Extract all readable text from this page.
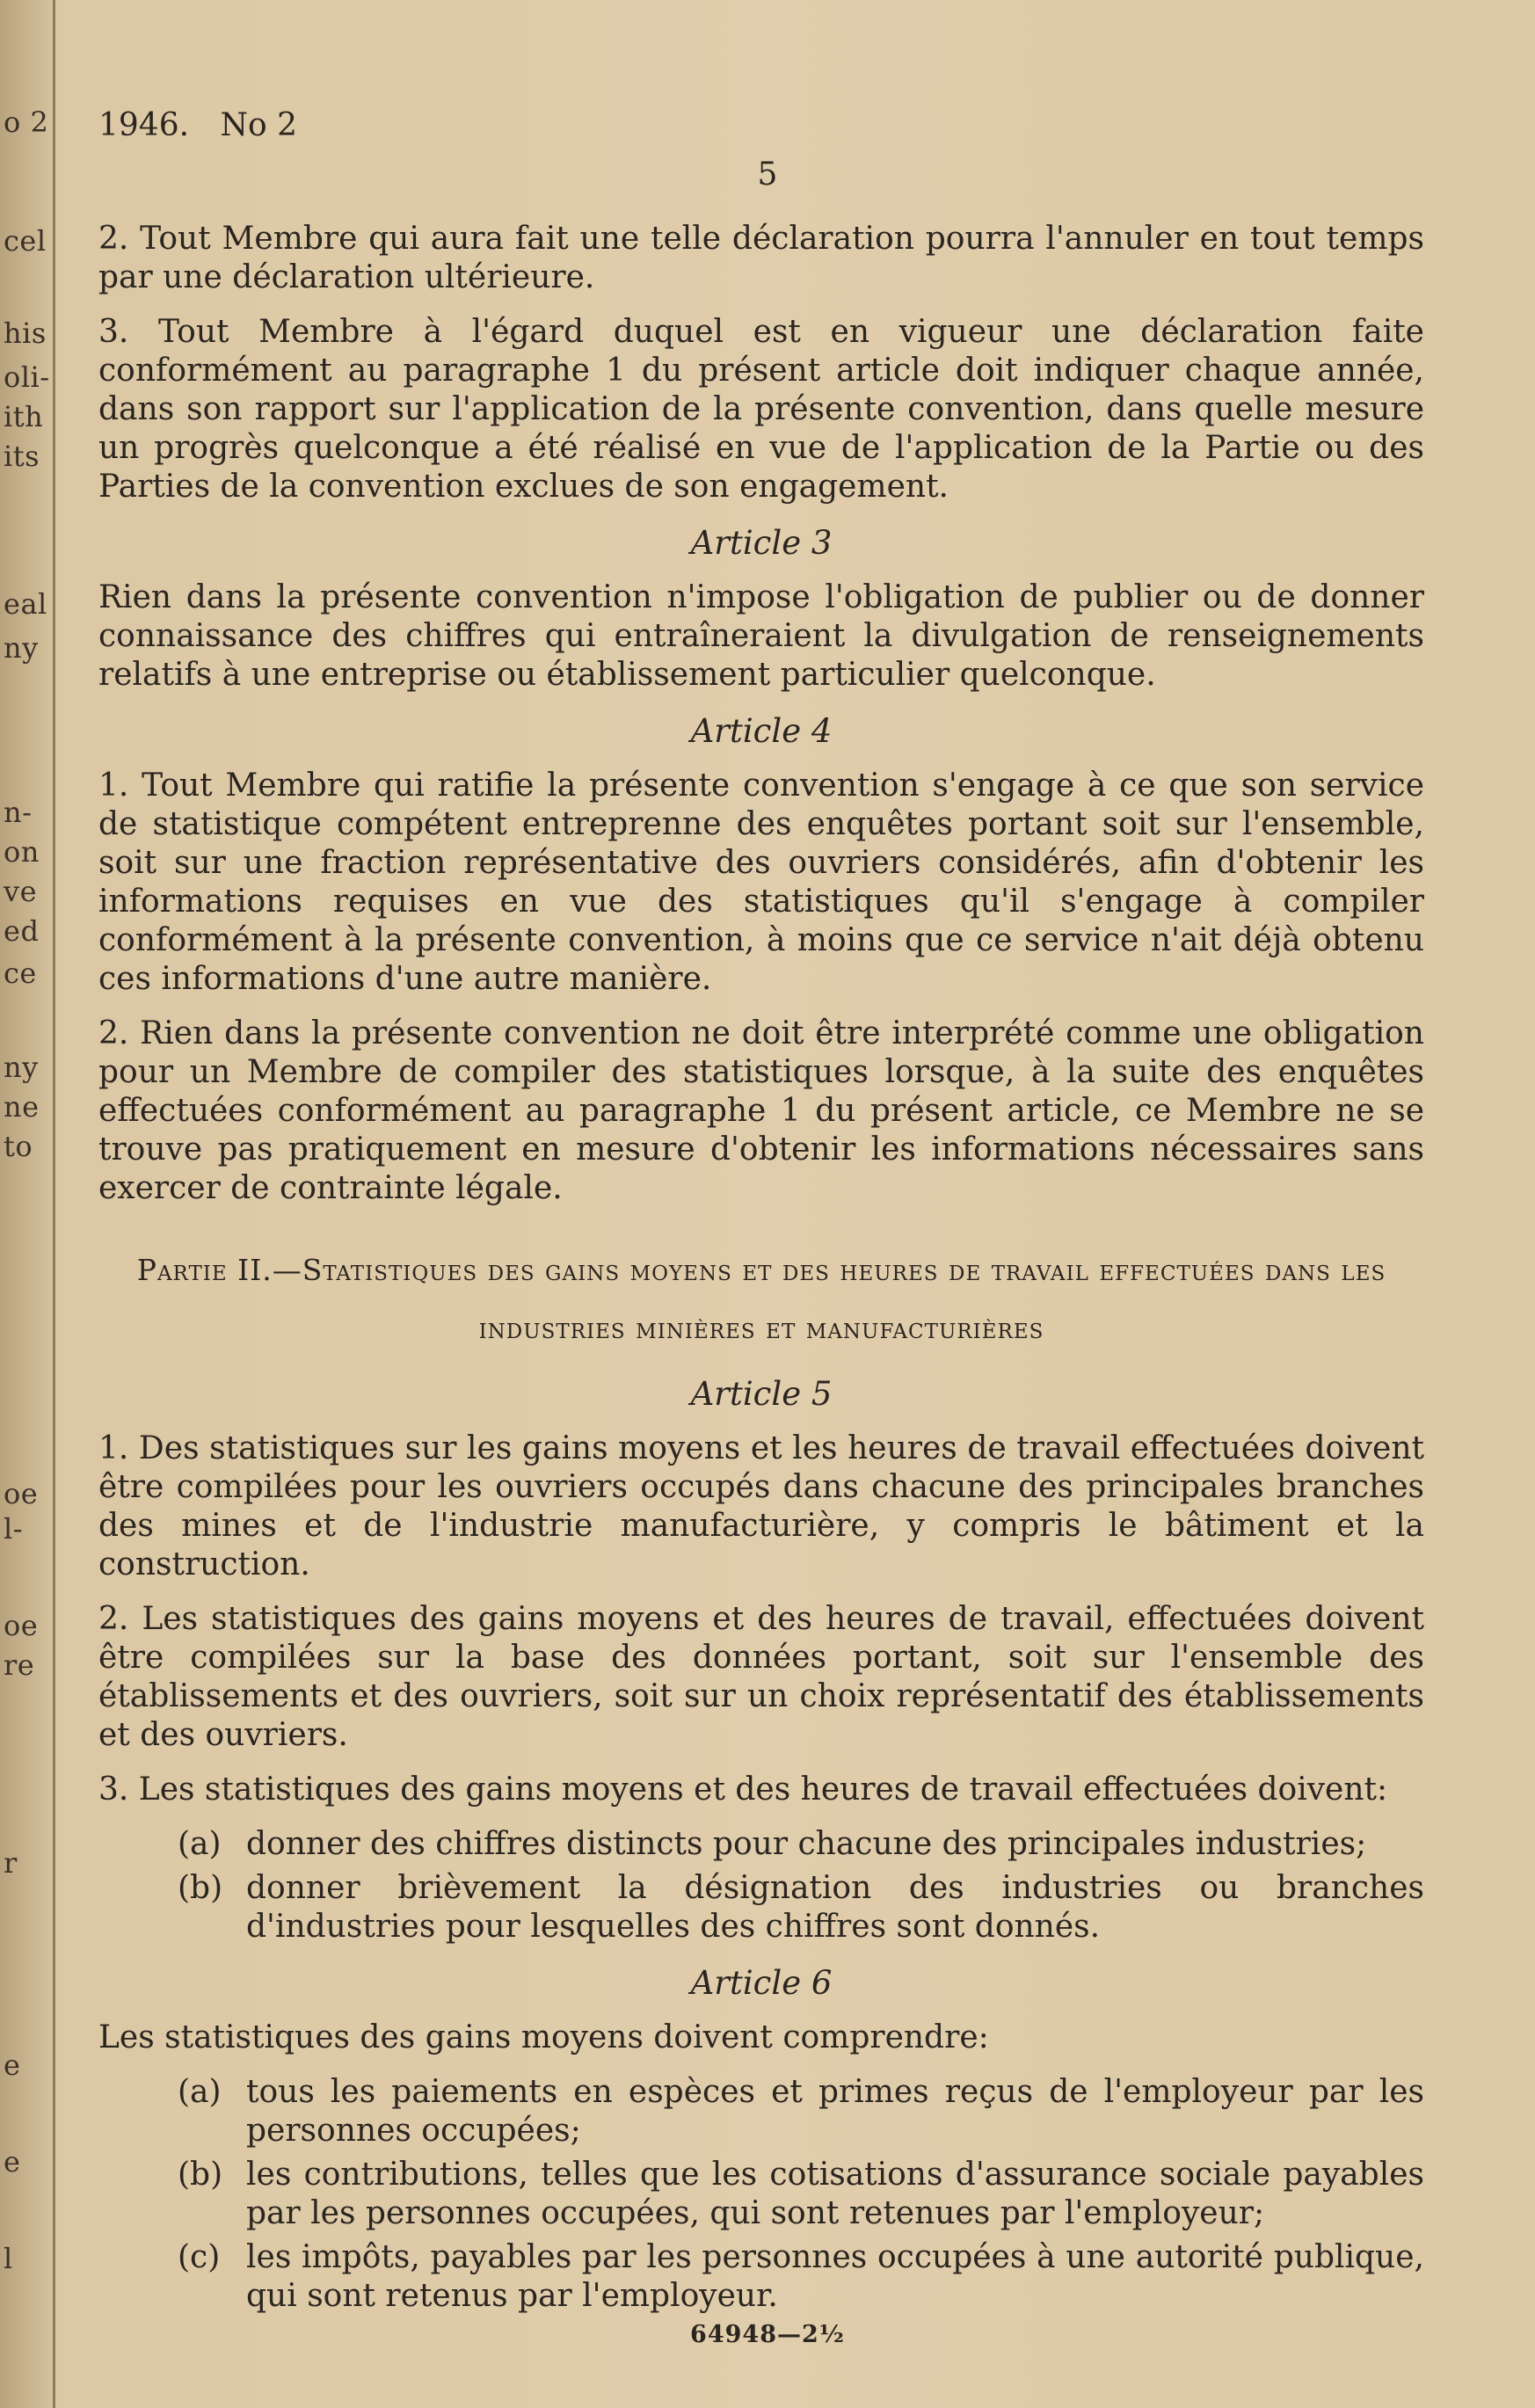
o 2
cel
his
oli-
ith
its
eal
ny
n-
on
ve
ed
ce
ny
ne
to
oe
l-
oe
re
r
e
e
l
1946. No 2
5
2. Tout Membre qui aura fait une telle déclaration pourra l'annuler en tout temps par une déclaration ultérieure.
3. Tout Membre à l'égard duquel est en vigueur une déclaration faite conformément au paragraphe 1 du présent article doit indiquer chaque année, dans son rapport sur l'application de la présente convention, dans quelle mesure un progrès quelconque a été réalisé en vue de l'application de la Partie ou des Parties de la convention exclues de son engagement.
Article 3
Rien dans la présente convention n'impose l'obligation de publier ou de donner connaissance des chiffres qui entraîneraient la divulgation de renseignements relatifs à une entreprise ou établissement particulier quelconque.
Article 4
1. Tout Membre qui ratifie la présente convention s'engage à ce que son service de statistique compétent entreprenne des enquêtes portant soit sur l'ensemble, soit sur une fraction représentative des ouvriers considérés, afin d'obtenir les informations requises en vue des statistiques qu'il s'engage à compiler conformément à la présente convention, à moins que ce service n'ait déjà obtenu ces informations d'une autre manière.
2. Rien dans la présente convention ne doit être interprété comme une obligation pour un Membre de compiler des statistiques lorsque, à la suite des enquêtes effectuées conformément au paragraphe 1 du présent article, ce Membre ne se trouve pas pratiquement en mesure d'obtenir les informations nécessaires sans exercer de contrainte légale.
Partie II.—Statistiques des gains moyens et des heures de travail effectuées dans les industries minières et manufacturières
Article 5
1. Des statistiques sur les gains moyens et les heures de travail effectuées doivent être compilées pour les ouvriers occupés dans chacune des principales branches des mines et de l'industrie manufacturière, y compris le bâtiment et la construction.
2. Les statistiques des gains moyens et des heures de travail, effectuées doivent être compilées sur la base des données portant, soit sur l'ensemble des établissements et des ouvriers, soit sur un choix représentatif des établissements et des ouvriers.
3. Les statistiques des gains moyens et des heures de travail effectuées doivent:
(a) donner des chiffres distincts pour chacune des principales industries;
(b) donner brièvement la désignation des industries ou branches d'industries pour lesquelles des chiffres sont donnés.
Article 6
Les statistiques des gains moyens doivent comprendre:
(a) tous les paiements en espèces et primes reçus de l'employeur par les personnes occupées;
(b) les contributions, telles que les cotisations d'assurance sociale payables par les personnes occupées, qui sont retenues par l'employeur;
(c) les impôts, payables par les personnes occupées à une autorité publique, qui sont retenus par l'employeur.
64948—2½
